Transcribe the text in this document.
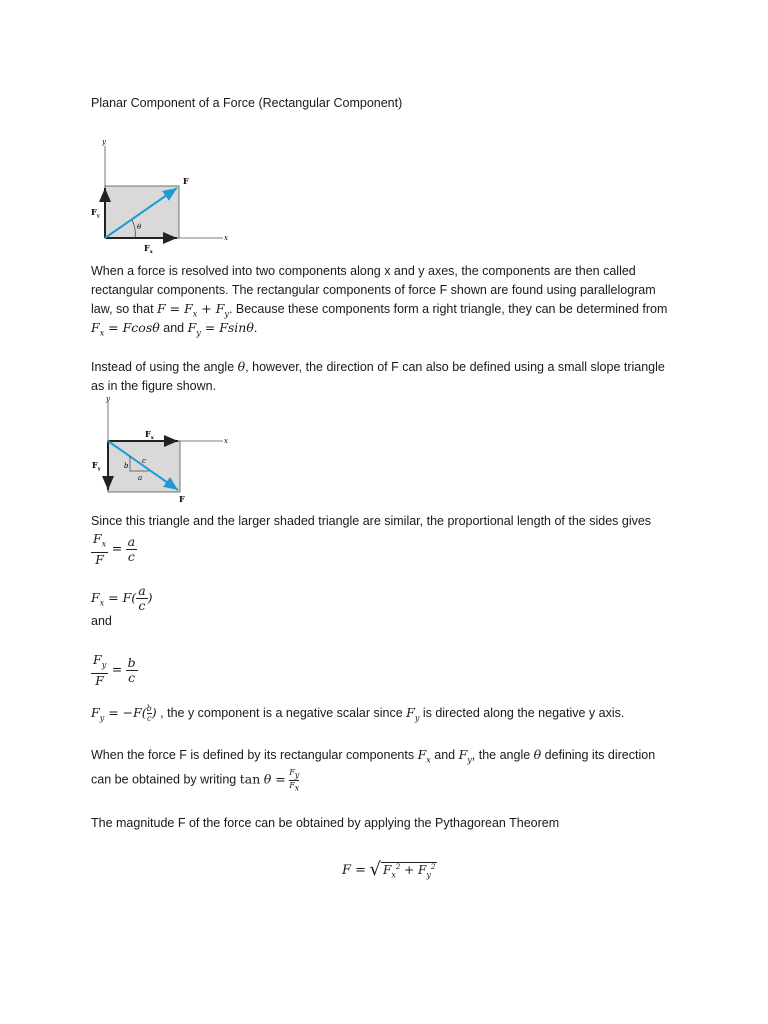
Planar Component of a Force (Rectangular Component)
y
x
F
$F_y$
$F_x$
θ
When a force is resolved into two components along x and y axes, the components are then called
rectangular components. The rectangular components of force F shown are found using parallelogram
law, so that $F = F_x + F_y$. Because these components form a right triangle, they can be determined from
$F_x = Fcos\theta$ and $F_y = Fsin\theta$.
Instead of using the angle θ, however, the direction of F can also be defined using a small slope triangle
as in the figure shown.
y
x
$F_x$
$F_y$
F
b
c
a
Since this triangle and the larger shaded triangle are similar, the proportional length of the sides gives
$\frac{F_x}{F} = \frac{a}{c}$
$F_x = F( \frac{a}{c}$ )
and
$\frac{F_y}{F} = \frac{b}{c}$
$F_y = -F( \frac{b}{c}$ ) , the y component is a negative scalar since $F_y$ is directed along the negative y axis.
When the force F is defined by its rectangular components $F_x$ and $F_y$, the angle θ defining its direction
can be obtained by writing $\tan \theta = \frac{F_y}{F_x}$
The magnitude F of the force can be obtained by applying the Pythagorean Theorem
F = √ $F_x^2 + F_y^2$
